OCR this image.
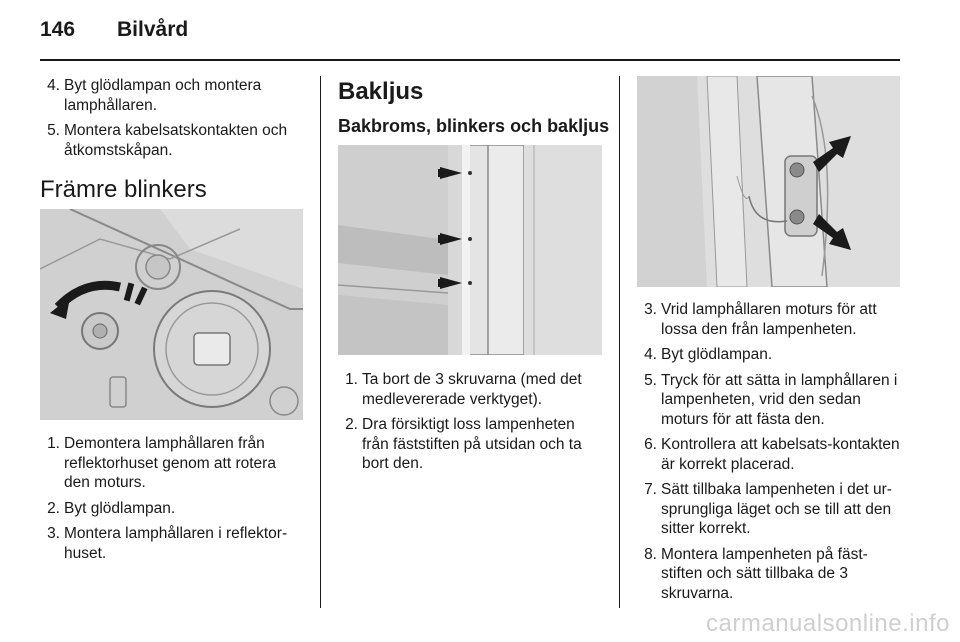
146 Bilvård
4. Byt glödlampan och montera lamphållaren.
5. Montera kabelsatskontakten och åtkomstskåpan.
Främre blinkers
1. Demontera lamphållaren från reflektorhuset genom att rotera den moturs.
2. Byt glödlampan.
3. Montera lamphållaren i reflektor-huset.
Bakljus
Bakbroms, blinkers och bakljus
1. Ta bort de 3 skruvarna (med det medlevererade verktyget).
2. Dra försiktigt loss lampenheten från fäststiften på utsidan och ta bort den.
3. Vrid lamphållaren moturs för att lossa den från lampenheten.
4. Byt glödlampan.
5. Tryck för att sätta in lamphållaren i lampenheten, vrid den sedan moturs för att fästa den.
6. Kontrollera att kabelsats-kontakten är korrekt placerad.
7. Sätt tillbaka lampenheten i det ur-sprungliga läget och se till att den sitter korrekt.
8. Montera lampenheten på fäst-stiften och sätt tillbaka de 3 skruvarna.
carmanualsonline.info
